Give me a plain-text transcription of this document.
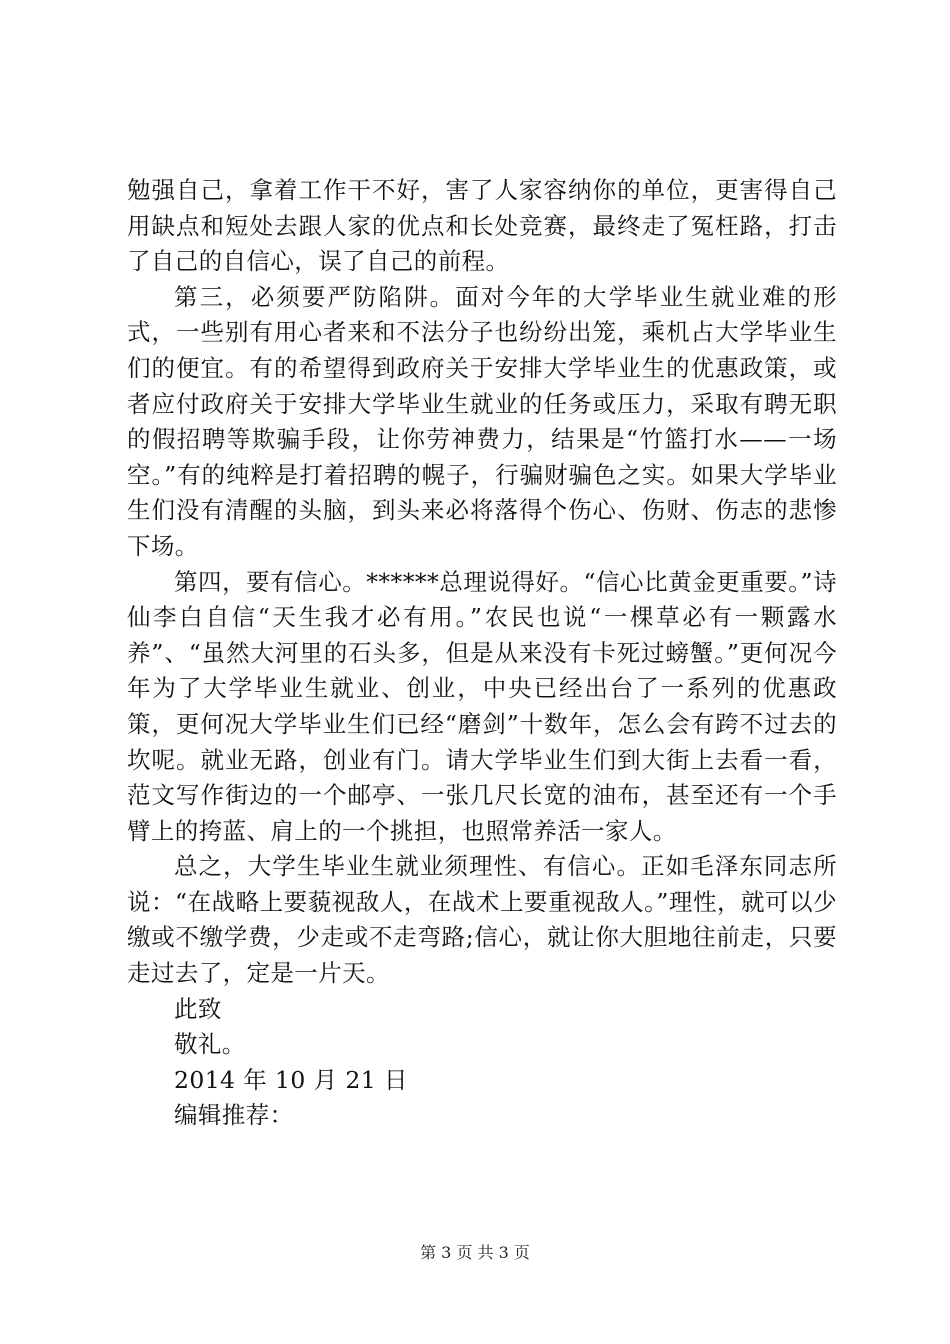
勉强自己，拿着工作干不好，害了人家容纳你的单位，更害得自己用缺点和短处去跟人家的优点和长处竞赛，最终走了冤枉路，打击了自己的自信心，误了自己的前程。

第三，必须要严防陷阱。面对今年的大学毕业生就业难的形式，一些别有用心者来和不法分子也纷纷出笼，乘机占大学毕业生们的便宜。有的希望得到政府关于安排大学毕业生的优惠政策，或者应付政府关于安排大学毕业生就业的任务或压力，采取有聘无职的假招聘等欺骗手段，让你劳神费力，结果是“竹篮打水——一场空。”有的纯粹是打着招聘的幌子，行骗财骗色之实。如果大学毕业生们没有清醒的头脑，到头来必将落得个伤心、伤财、伤志的悲惨下场。

第四，要有信心。******总理说得好。“信心比黄金更重要。”诗仙李白自信“天生我才必有用。”农民也说“一棵草必有一颗露水养”、“虽然大河里的石头多，但是从来没有卡死过螃蟹。”更何况今年为了大学毕业生就业、创业，中央已经出台了一系列的优惠政策，更何况大学毕业生们已经“磨剑”十数年，怎么会有跨不过去的坎呢。就业无路，创业有门。请大学毕业生们到大街上去看一看，范文写作街边的一个邮亭、一张几尺长宽的油布，甚至还有一个手臂上的挎蓝、肩上的一个挑担，也照常养活一家人。

总之，大学生毕业生就业须理性、有信心。正如毛泽东同志所说：“在战略上要藐视敌人，在战术上要重视敌人。”理性，就可以少缴或不缴学费，少走或不走弯路;信心，就让你大胆地往前走，只要走过去了，定是一片天。

此致

敬礼。

2014 年 10 月 21 日

编辑推荐：

第 3 页 共 3 页
